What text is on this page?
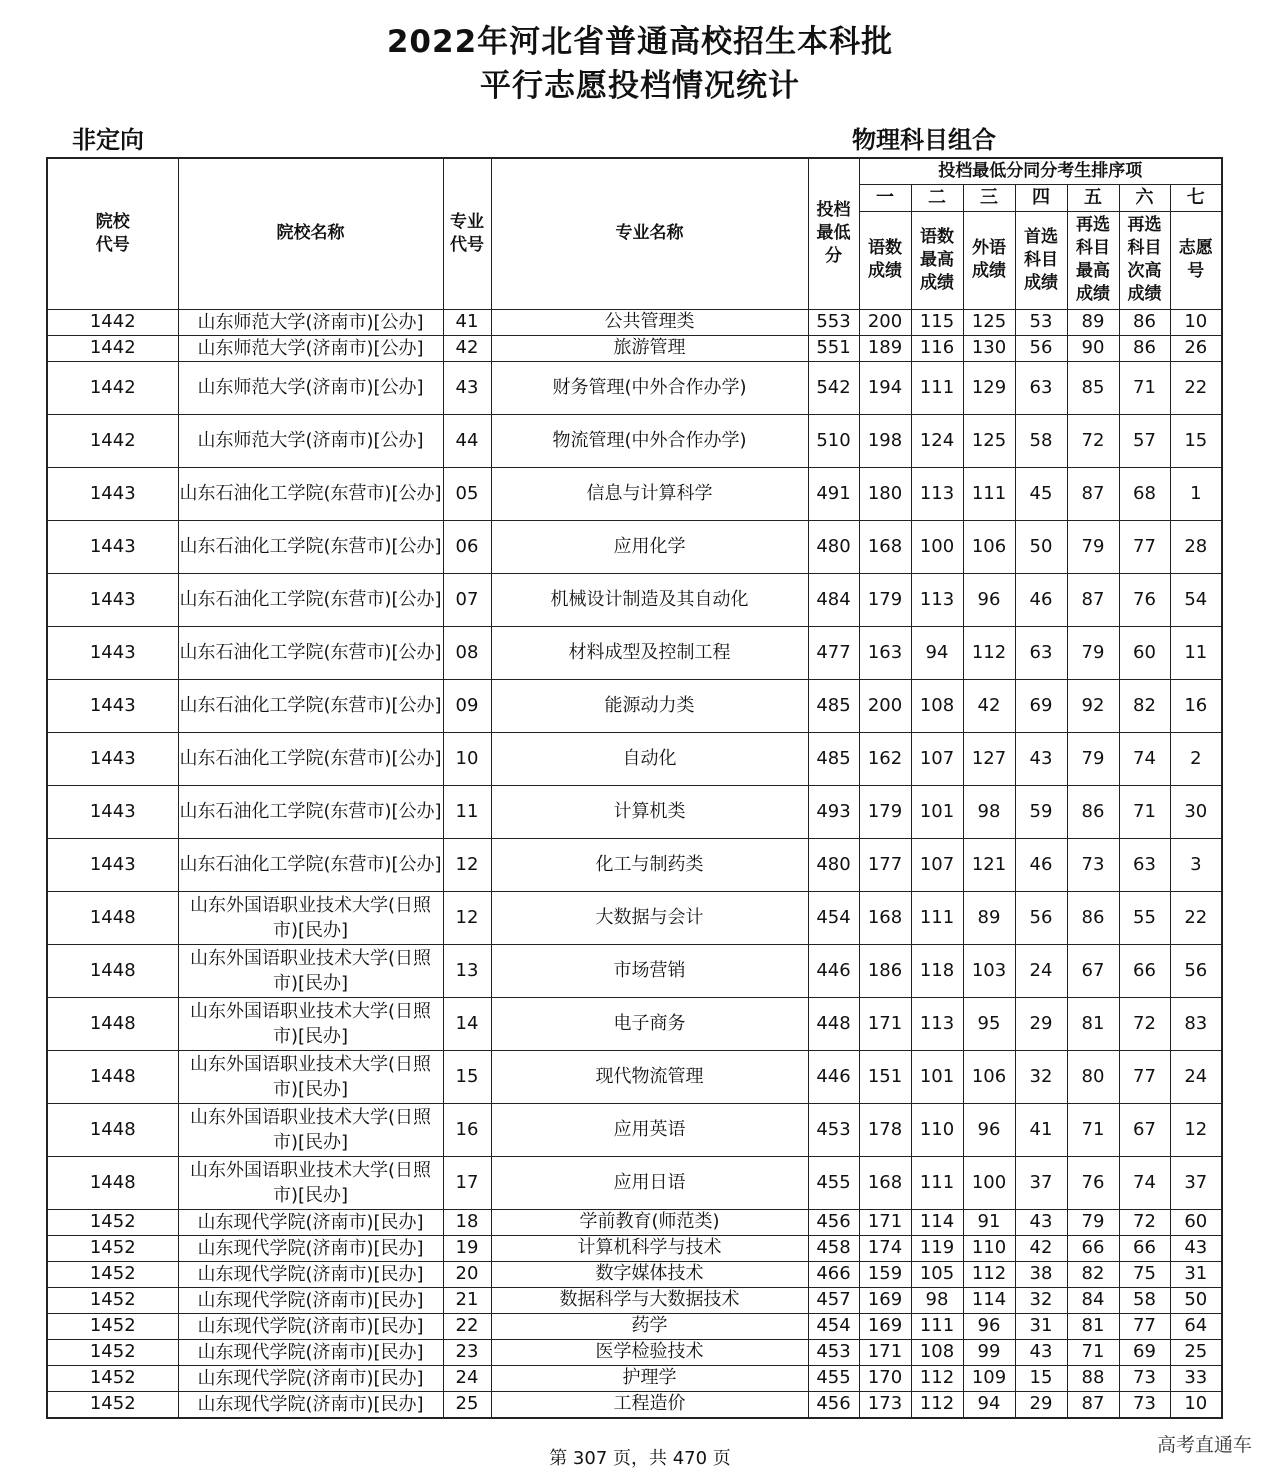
2022年河北省普通高校招生本科批
平行志愿投档情况统计
非定向	物理科目组合
院校代号	院校名称	专业代号	专业名称	投档最低分	投档最低分同分考生排序项						
					一	二	三	四	五	六	七
					语数成绩	语数最高成绩	外语成绩	首选科目成绩	再选科目最高成绩	再选科目次高成绩	志愿号
1442	山东师范大学(济南市)[公办]	41	公共管理类	553	200	115	125	53	89	86	10
1442	山东师范大学(济南市)[公办]	42	旅游管理	551	189	116	130	56	90	86	26
1442	山东师范大学(济南市)[公办]	43	财务管理(中外合作办学)	542	194	111	129	63	85	71	22
1442	山东师范大学(济南市)[公办]	44	物流管理(中外合作办学)	510	198	124	125	58	72	57	15
1443	山东石油化工学院(东营市)[公办]	05	信息与计算科学	491	180	113	111	45	87	68	1
1443	山东石油化工学院(东营市)[公办]	06	应用化学	480	168	100	106	50	79	77	28
1443	山东石油化工学院(东营市)[公办]	07	机械设计制造及其自动化	484	179	113	96	46	87	76	54
1443	山东石油化工学院(东营市)[公办]	08	材料成型及控制工程	477	163	94	112	63	79	60	11
1443	山东石油化工学院(东营市)[公办]	09	能源动力类	485	200	108	42	69	92	82	16
1443	山东石油化工学院(东营市)[公办]	10	自动化	485	162	107	127	43	79	74	2
1443	山东石油化工学院(东营市)[公办]	11	计算机类	493	179	101	98	59	86	71	30
1443	山东石油化工学院(东营市)[公办]	12	化工与制药类	480	177	107	121	46	73	63	3
1448	山东外国语职业技术大学(日照市)[民办]	12	大数据与会计	454	168	111	89	56	86	55	22
1448	山东外国语职业技术大学(日照市)[民办]	13	市场营销	446	186	118	103	24	67	66	56
1448	山东外国语职业技术大学(日照市)[民办]	14	电子商务	448	171	113	95	29	81	72	83
1448	山东外国语职业技术大学(日照市)[民办]	15	现代物流管理	446	151	101	106	32	80	77	24
1448	山东外国语职业技术大学(日照市)[民办]	16	应用英语	453	178	110	96	41	71	67	12
1448	山东外国语职业技术大学(日照市)[民办]	17	应用日语	455	168	111	100	37	76	74	37
1452	山东现代学院(济南市)[民办]	18	学前教育(师范类)	456	171	114	91	43	79	72	60
1452	山东现代学院(济南市)[民办]	19	计算机科学与技术	458	174	119	110	42	66	66	43
1452	山东现代学院(济南市)[民办]	20	数字媒体技术	466	159	105	112	38	82	75	31
1452	山东现代学院(济南市)[民办]	21	数据科学与大数据技术	457	169	98	114	32	84	58	50
1452	山东现代学院(济南市)[民办]	22	药学	454	169	111	96	31	81	77	64
1452	山东现代学院(济南市)[民办]	23	医学检验技术	453	171	108	99	43	71	69	25
1452	山东现代学院(济南市)[民办]	24	护理学	455	170	112	109	15	88	73	33
1452	山东现代学院(济南市)[民办]	25	工程造价	456	173	112	94	29	87	73	10
第 307 页，共 470 页
高考直通车
